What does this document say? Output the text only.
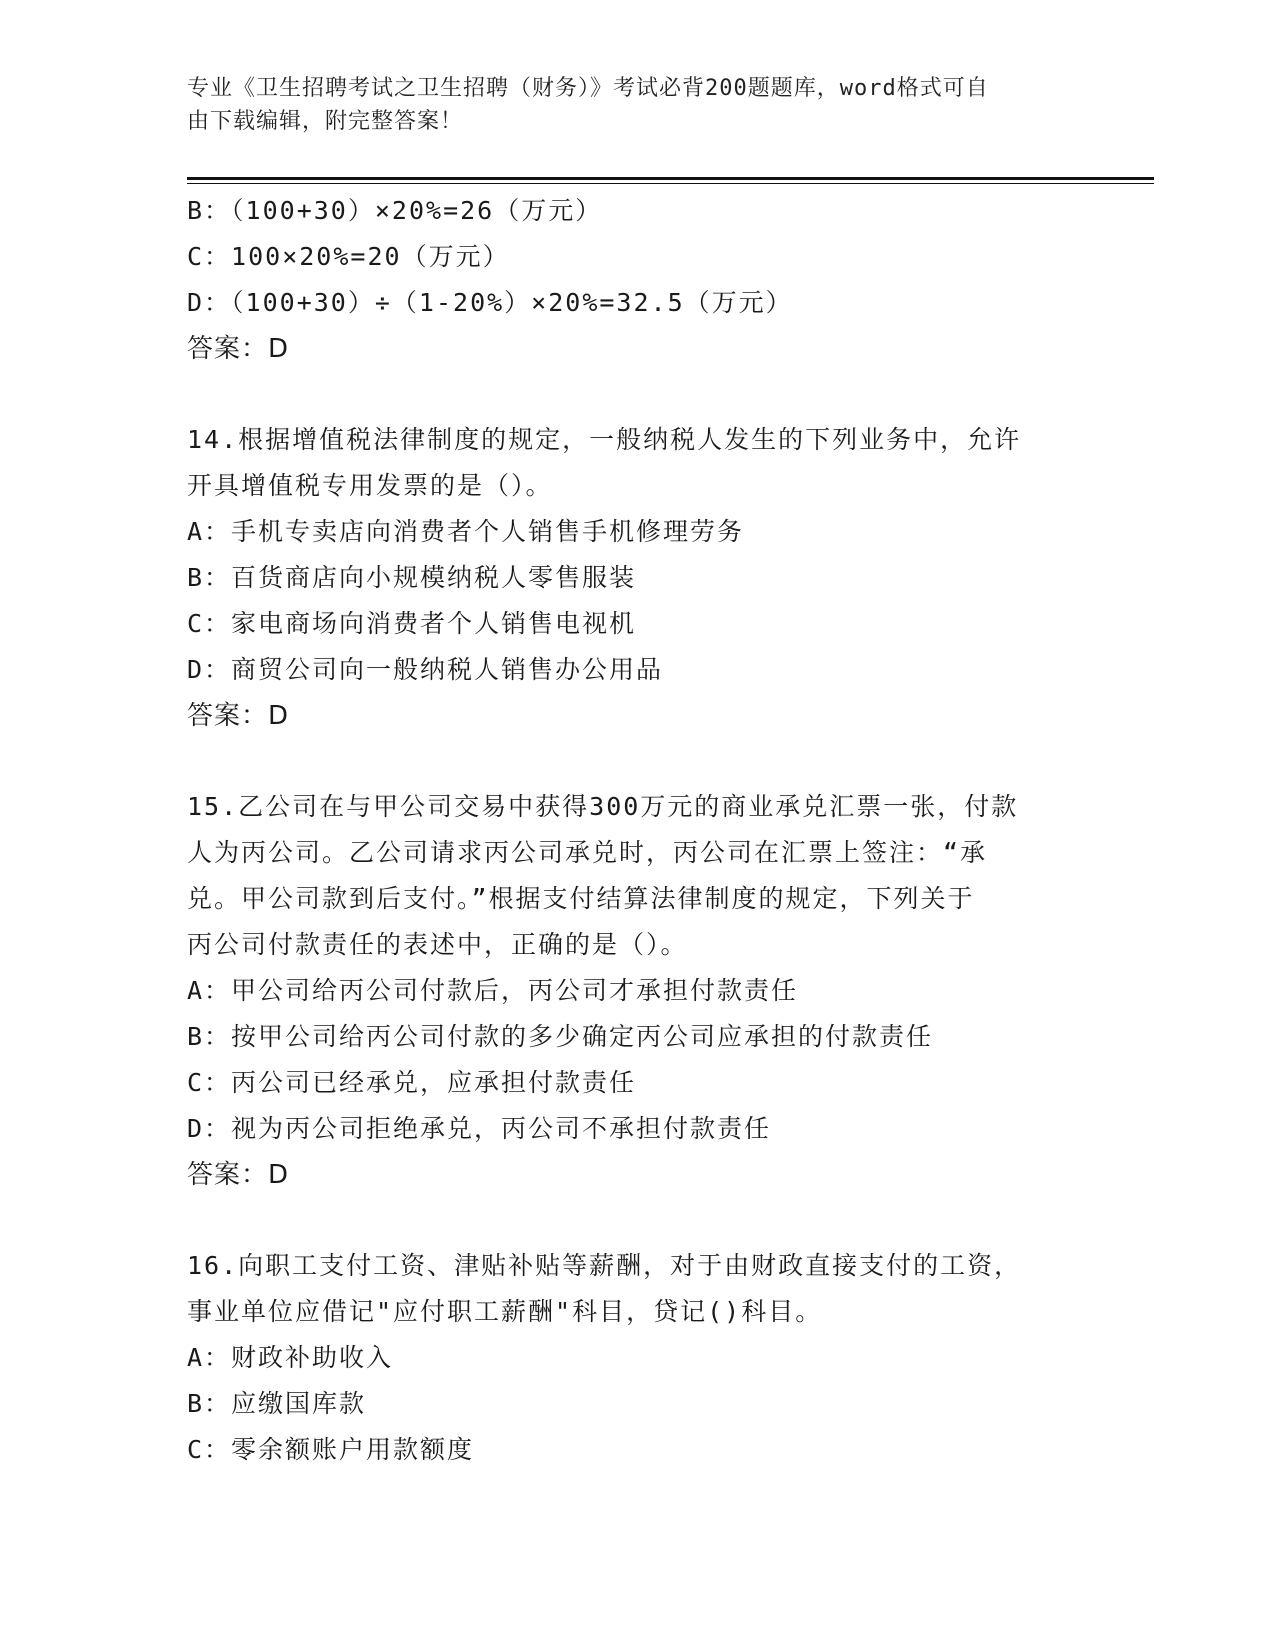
专业《卫生招聘考试之卫生招聘（财务）》考试必背200题题库，word格式可自
由下载编辑，附完整答案！
B：（100+30）×20%=26（万元）
C：100×20%=20（万元）
D：（100+30）÷（1-20%）×20%=32.5（万元）
答案：D
14.根据增值税法律制度的规定，一般纳税人发生的下列业务中，允许
开具增值税专用发票的是（）。
A：手机专卖店向消费者个人销售手机修理劳务
B：百货商店向小规模纳税人零售服装
C：家电商场向消费者个人销售电视机
D：商贸公司向一般纳税人销售办公用品
答案：D
15.乙公司在与甲公司交易中获得300万元的商业承兑汇票一张，付款
人为丙公司。乙公司请求丙公司承兑时，丙公司在汇票上签注：“承
兑。甲公司款到后支付。”根据支付结算法律制度的规定，下列关于
丙公司付款责任的表述中，正确的是（）。
A：甲公司给丙公司付款后，丙公司才承担付款责任
B：按甲公司给丙公司付款的多少确定丙公司应承担的付款责任
C：丙公司已经承兑，应承担付款责任
D：视为丙公司拒绝承兑，丙公司不承担付款责任
答案：D
16.向职工支付工资、津贴补贴等薪酬，对于由财政直接支付的工资，
事业单位应借记"应付职工薪酬"科目，贷记()科目。
A：财政补助收入
B：应缴国库款
C：零余额账户用款额度
